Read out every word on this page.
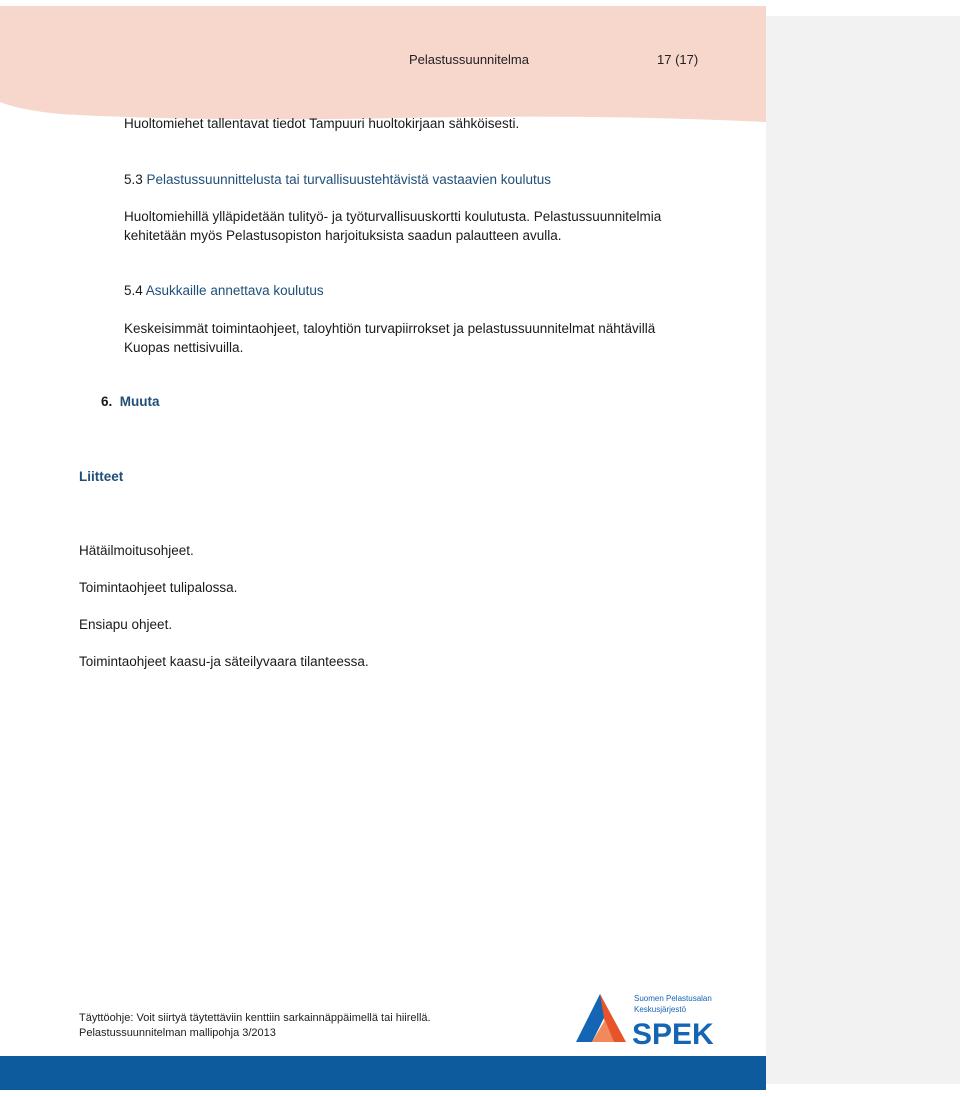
Pelastussuunnitelma	17 (17)
Huoltomiehet tallentavat tiedot Tampuuri huoltokirjaan sähköisesti.
5.3 Pelastussuunnittelusta tai turvallisuustehtävistä vastaavien koulutus
Huoltomiehillä ylläpidetään tulityö- ja työturvallisuuskortti koulutusta. Pelastussuunnitelmia
kehitetään myös Pelastusopiston harjoituksista saadun palautteen avulla.
5.4 Asukkaille annettava koulutus
Keskeisimmät toimintaohjeet, taloyhtiön turvapiirrokset ja pelastussuunnitelmat nähtävillä
Kuopas nettisivuilla.
6. Muuta
Liitteet
Hätäilmoitusohjeet.
Toimintaohjeet tulipalossa.
Ensiapu ohjeet.
Toimintaohjeet kaasu-ja säteilyvaara tilanteessa.
Täyttöohje: Voit siirtyä täytettäviin kenttiin sarkainnäppäimellä tai hiirellä.
Pelastussuunnitelman mallipohja 3/2013
Suomen Pelastusalan
Keskusjärjestö
SPEK
